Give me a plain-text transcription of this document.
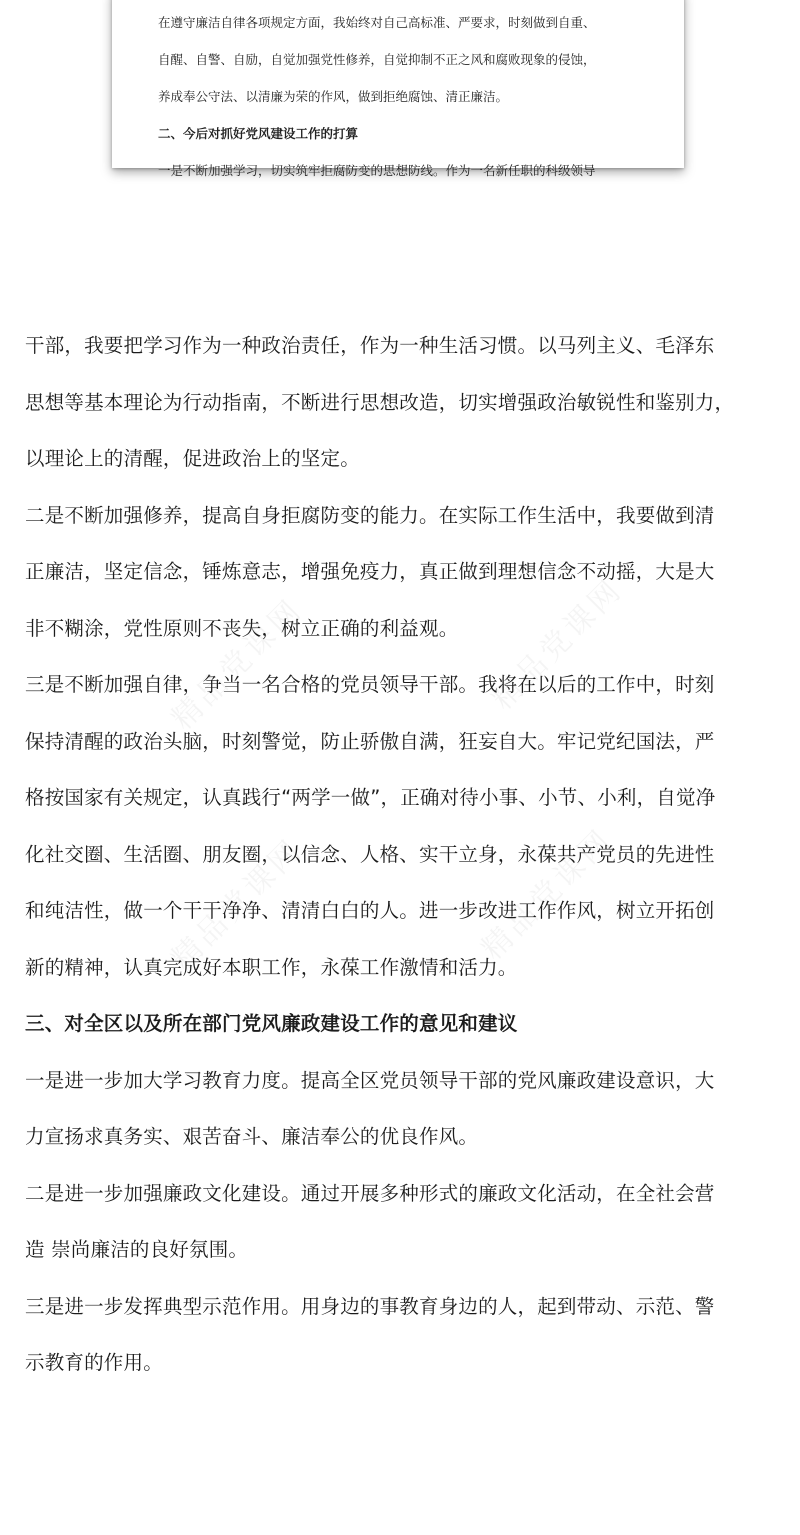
在遵守廉洁自律各项规定方面，我始终对自己高标准、严要求，时刻做到自重、
自醒、自警、自励，自觉加强党性修养，自觉抑制不正之风和腐败现象的侵蚀，
养成奉公守法、以清廉为荣的作风，做到拒绝腐蚀、清正廉洁。
二、今后对抓好党风建设工作的打算
一是不断加强学习，切实筑牢拒腐防变的思想防线。作为一名新任职的科级领导
干部，我要把学习作为一种政治责任，作为一种生活习惯。以马列主义、毛泽东
思想等基本理论为行动指南，不断进行思想改造，切实增强政治敏锐性和鉴别力，
以理论上的清醒，促进政治上的坚定。
二是不断加强修养，提高自身拒腐防变的能力。在实际工作生活中，我要做到清
正廉洁，坚定信念，锤炼意志，增强免疫力，真正做到理想信念不动摇，大是大
非不糊涂，党性原则不丧失，树立正确的利益观。
三是不断加强自律，争当一名合格的党员领导干部。我将在以后的工作中，时刻
保持清醒的政治头脑，时刻警觉，防止骄傲自满，狂妄自大。牢记党纪国法，严
格按国家有关规定，认真践行“两学一做”，正确对待小事、小节、小利，自觉净
化社交圈、生活圈、朋友圈，以信念、人格、实干立身，永葆共产党员的先进性
和纯洁性，做一个干干净净、清清白白的人。进一步改进工作作风，树立开拓创
新的精神，认真完成好本职工作，永葆工作激情和活力。
三、对全区以及所在部门党风廉政建设工作的意见和建议
一是进一步加大学习教育力度。提高全区党员领导干部的党风廉政建设意识，大
力宣扬求真务实、艰苦奋斗、廉洁奉公的优良作风。
二是进一步加强廉政文化建设。通过开展多种形式的廉政文化活动，在全社会营
造 崇尚廉洁的良好氛围。
三是进一步发挥典型示范作用。用身边的事教育身边的人，起到带动、示范、警
示教育的作用。
